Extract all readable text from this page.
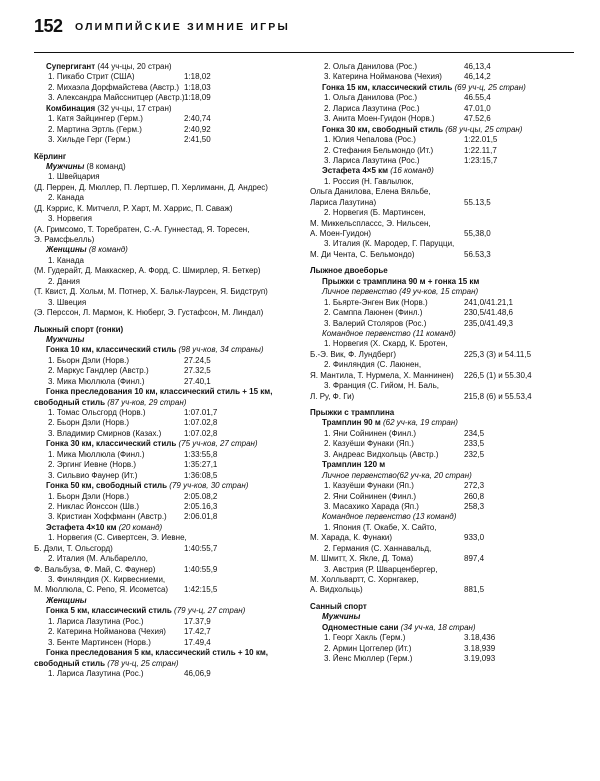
152 ОЛИМПИЙСКИЕ ЗИМНИЕ ИГРЫ
Супергигант (44 уч-цы, 20 стран)
1. Пикабо Стрит (США)	1:18,02
2. Михаэла Дорфмайстева (Австр.) 1:18,03
3. Александра Майсснитцер (Австр.) 1:18,09
Комбинация (32 уч-цы, 17 стран)
1. Катя Зайцингер (Герм.)	2:40,74
2. Мартина Эртль (Герм.)	2:40,92
3. Хильде Герг (Герм.)	2:41,50
Кёрлинг
Мужчины (8 команд)
1. Швейцария
(Д. Перрен, Д. Мюллер, П. Лертшер, П. Херлиманн, Д. Андрес)
2. Канада
(Д. Кэррис, К. Митчелл, Р. Харт, М. Харрис, П. Саваж)
3. Норвегия
(А. Гримсомо, Т. Торебратен, С.-А. Гуннестад, Я. Торесен,
Э. Рамсфьелль)
Женщины (8 команд)
1. Канада
(М. Гудерайт, Д. Маккаскер, А. Форд, С. Шмирлер, Я. Беткер)
2. Дания
(Т. Квист, Д. Хольм, М. Потнер, Х. Бальк-Лаурсен, Я. Бидструп)
3. Швеция
(Э. Перссон, Л. Мармон, К. Нюберг, Э. Густафсон, М. Линдал)
Лыжный спорт (гонки)
Мужчины
Гонка 10 км, классический стиль (98 уч-ков, 34 страны)
1. Бьорн Дэли (Норв.)	27.24,5
2. Маркус Гандлер (Австр.)	27.32,5
3. Мика Мюллюла (Финл.)	27.40,1
Гонка преследования 10 км, классический стиль + 15 км,
свободный стиль (87 уч-ков, 29 стран)
1. Томас Ольсгорд (Норв.)	1:07.01,7
2. Бьорн Дэли (Норв.)	1:07.02,8
3. Владимир Смирнов (Казах.)	1:07.02,8
Гонка 30 км, классический стиль (75 уч-ков, 27 стран)
1. Мика Мюллюла (Финл.)	1:33:55,8
2. Эргинг Иевне (Норв.)	1:35:27,1
3. Сильвио Фаунер (Ит.)	1:36:08,5
Гонка 50 км, свободный стиль (79 уч-ков, 30 стран)
1. Бьорн Дэли (Норв.)	2:05.08,2
2. Никлас Йонссон (Шв.)	2:05.16,3
3. Кристиан Хоффманн (Австр.) 2:06.01,8
Эстафета 4×10 км (20 команд)
1. Норвегия (С. Сивертсен, Э. Иевне,
Б. Дэли, Т. Ольсгорд)	1:40:55,7
2. Италия (М. Альбарелло,
Ф. Вальбуза, Ф. Май, С. Фаунер)	1:40:55,9
3. Финляндия (Х. Кирвесниеми,
М. Мюллюла, С. Репо, Я. Исометса) 1:42:15,5
Женщины
Гонка 5 км, классический стиль (79 уч-ц, 27 стран)
1. Лариса Лазутина (Рос.)	17.37,9
2. Катерина Нойманова (Чехия) 17.42,7
3. Бенте Мартинсен (Норв.)	17.49,4
Гонка преследования 5 км, классический стиль + 10 км,
свободный стиль (78 уч-ц, 25 стран)
1. Лариса Лазутина (Рос.)	46,06,9
2. Ольга Данилова (Рос.)	46,13,4
3. Катерина Нойманова (Чехия)	46,14,2
Гонка 15 км, классический стиль (69 уч-ц, 25 стран)
1. Ольга Данилова (Рос.)	46.55,4
2. Лариса Лазутина (Рос.)	47.01,0
3. Анита Моен-Гуидон (Норв.)	47.52,6
Гонка 30 км, свободный стиль (68 уч-цы, 25 стран)
1. Юлия Чепалова (Рос.)	1:22.01,5
2. Стефания Бельмондо (Ит.)	1:22.11,7
3. Лариса Лазутина (Рос.)	1:23:15,7
Эстафета 4×5 км (16 команд)
1. Россия (Н. Гавлылюк,
Ольга Данилова, Елена Вяльбе,
Лариса Лазутина)	55.13,5
2. Норвегия (Б. Мартинсен,
М. Миккельсплассс, Э. Нильсен,
А. Моен-Гуидон)	55,38,0
3. Италия (К. Мародер, Г. Паруцци,
М. Ди Чента, С. Бельмондо)	56.53,3
Лыжное двоеборье
Прыжки с трамплина 90 м + гонка 15 км
Личное первенство (49 уч-ков, 15 стран)
1. Бьярте-Энген Вик (Норв.)	241,0/41.21,1
2. Самппа Лаюнен (Финл.)	230,5/41.48,6
3. Валерий Столяров (Рос.)	235,0/41.49,3
Командное первенство (11 команд)
1. Норвегия (Х. Скард, К. Бротен,
Б.-Э. Вик, Ф. Лундберг)	225,3 (3) и 54.11,5
2. Финляндия (С. Лаюнен,
Я. Мантила, Т. Нурмела, Х. Маннинен) 226,5 (1) и 55.30,4
3. Франция (С. Гийом, Н. Баль,
Л. Ру, Ф. Ги)	215,8 (6) и 55.53,4
Прыжки с трамплина
Трамплин 90 м (62 уч-ка, 19 стран)
1. Яни Сойнинен (Финл.)	234,5
2. Казуёши Фунаки (Яп.)	233,5
3. Андреас Видхольць (Австр.)	232,5
Трамплин 120 м
Личное первенство(62 уч-ка, 20 стран)
1. Казуёши Фунаки (Яп.)	272,3
2. Яни Сойнинен (Финл.)	260,8
3. Масахико Харада (Яп.)	258,3
Командное первенство (13 команд)
1. Япония (Т. Окабе, Х. Сайто,
М. Харада, К. Фунаки)	933,0
2. Германия (С. Ханнавальд,
М. Шмитт, Х. Якле, Д. Тома)	897,4
3. Австрия (Р. Шварценбергер,
М. Холльвартт, С. Хорнгакер,
А. Видхольць)	881,5
Санный спорт
Мужчины
Одноместные сани (34 уч-ка, 18 стран)
1. Георг Хакль (Герм.)	3.18,436
2. Армин Цоггелер (Ит.)	3.18,939
3. Йенс Мюллер (Герм.)	3.19,093
